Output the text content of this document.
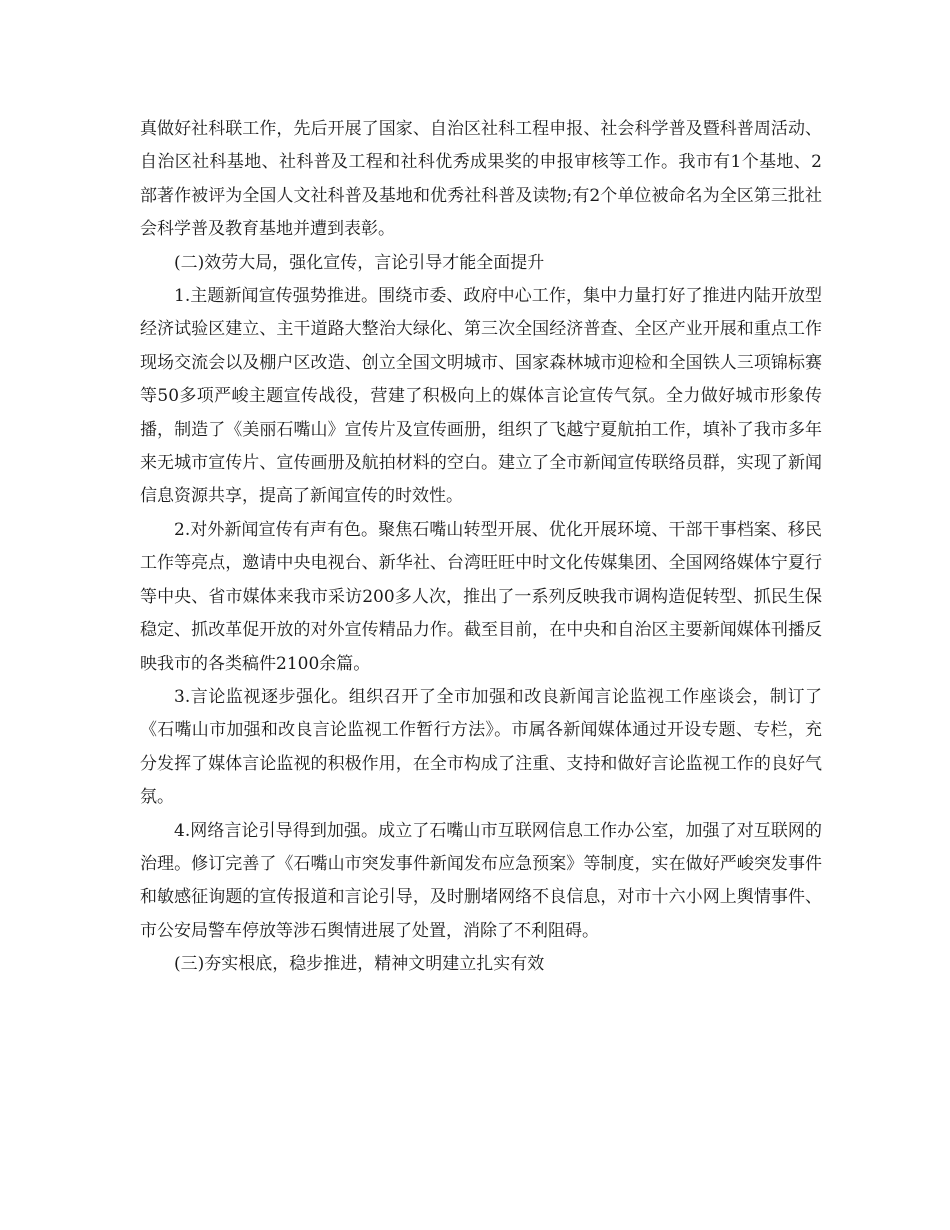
真做好社科联工作，先后开展了国家、自治区社科工程申报、社会科学普及暨科普周活动、自治区社科基地、社科普及工程和社科优秀成果奖的申报审核等工作。我市有1个基地、2部著作被评为全国人文社科普及基地和优秀社科普及读物;有2个单位被命名为全区第三批社会科学普及教育基地并遭到表彰。

(二)效劳大局，强化宣传，言论引导才能全面提升

1.主题新闻宣传强势推进。围绕市委、政府中心工作，集中力量打好了推进内陆开放型经济试验区建立、主干道路大整治大绿化、第三次全国经济普查、全区产业开展和重点工作现场交流会以及棚户区改造、创立全国文明城市、国家森林城市迎检和全国铁人三项锦标赛等50多项严峻主题宣传战役，营建了积极向上的媒体言论宣传气氛。全力做好城市形象传播，制造了《美丽石嘴山》宣传片及宣传画册，组织了飞越宁夏航拍工作，填补了我市多年来无城市宣传片、宣传画册及航拍材料的空白。建立了全市新闻宣传联络员群，实现了新闻信息资源共享，提高了新闻宣传的时效性。

2.对外新闻宣传有声有色。聚焦石嘴山转型开展、优化开展环境、干部干事档案、移民工作等亮点，邀请中央电视台、新华社、台湾旺旺中时文化传媒集团、全国网络媒体宁夏行等中央、省市媒体来我市采访200多人次，推出了一系列反映我市调构造促转型、抓民生保稳定、抓改革促开放的对外宣传精品力作。截至目前，在中央和自治区主要新闻媒体刊播反映我市的各类稿件2100余篇。

3.言论监视逐步强化。组织召开了全市加强和改良新闻言论监视工作座谈会，制订了《石嘴山市加强和改良言论监视工作暂行方法》。市属各新闻媒体通过开设专题、专栏，充分发挥了媒体言论监视的积极作用，在全市构成了注重、支持和做好言论监视工作的良好气氛。

4.网络言论引导得到加强。成立了石嘴山市互联网信息工作办公室，加强了对互联网的治理。修订完善了《石嘴山市突发事件新闻发布应急预案》等制度，实在做好严峻突发事件和敏感征询题的宣传报道和言论引导，及时删堵网络不良信息，对市十六小网上舆情事件、市公安局警车停放等涉石舆情进展了处置，消除了不利阻碍。

(三)夯实根底，稳步推进，精神文明建立扎实有效
